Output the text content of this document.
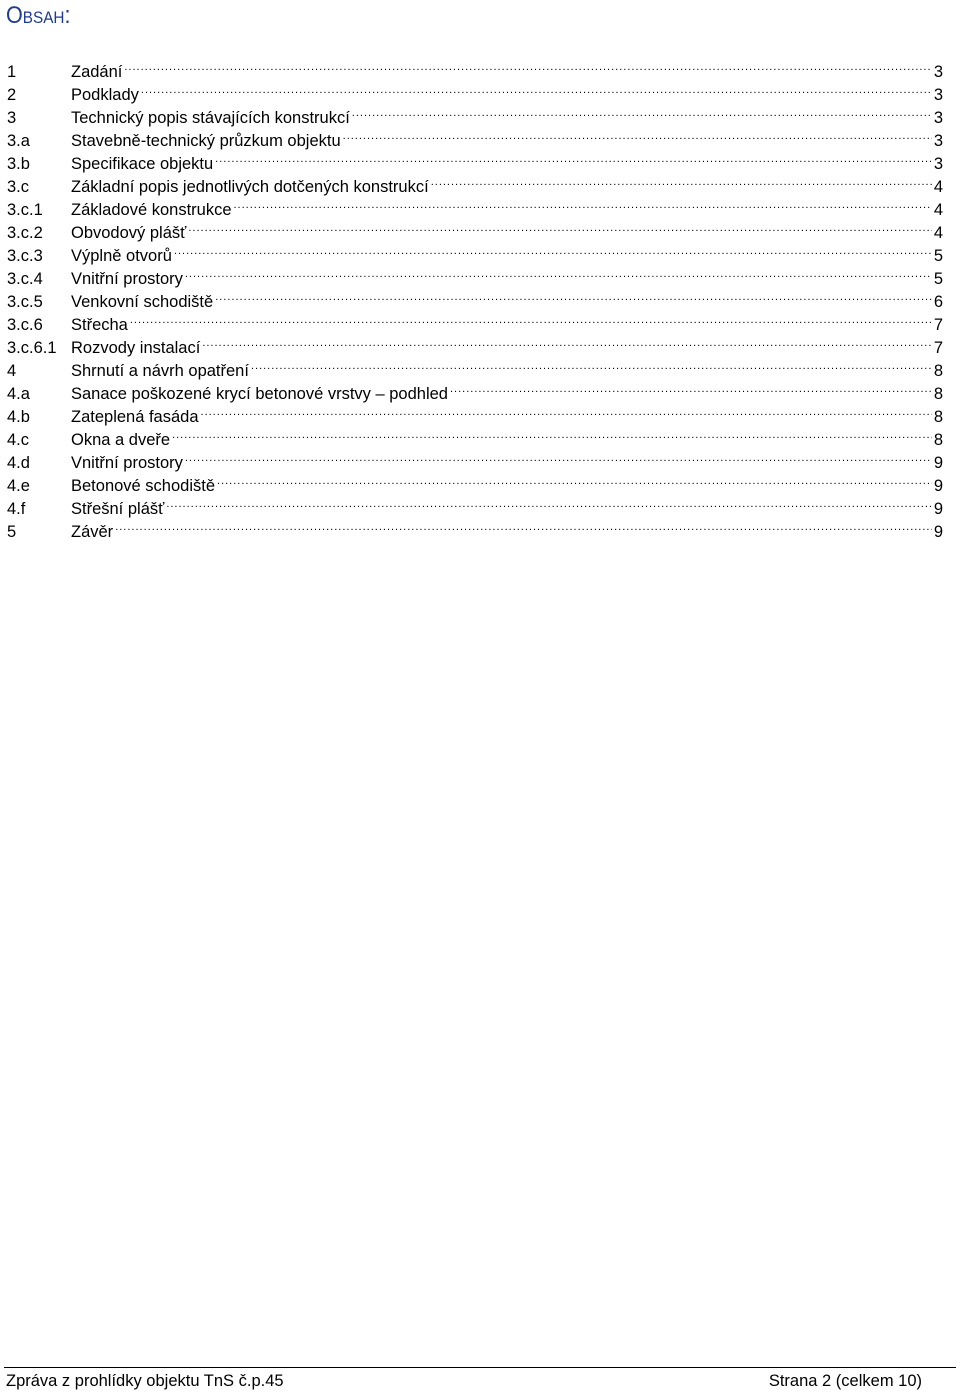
Obsah:
1	Zadání .....	3
2	Podklady .....	3
3	Technický popis stávajících konstrukcí .....	3
3.a	Stavebně-technický průzkum objektu .....	3
3.b	Specifikace objektu .....	3
3.c	Základní popis jednotlivých dotčených konstrukcí .....	4
3.c.1	Základové konstrukce .....	4
3.c.2	Obvodový plášť .....	4
3.c.3	Výplně otvorů .....	5
3.c.4	Vnitřní prostory .....	5
3.c.5	Venkovní schodiště .....	6
3.c.6	Střecha .....	7
3.c.6.1 Rozvody instalací .....	7
4	Shrnutí a návrh opatření .....	8
4.a	Sanace poškozené krycí betonové vrstvy – podhled .....	8
4.b	Zateplená fasáda .....	8
4.c	Okna a dveře .....	8
4.d	Vnitřní prostory .....	9
4.e	Betonové schodiště .....	9
4.f	Střešní plášť .....	9
5	Závěr .....	9
Zpráva z prohlídky objektu TnS č.p.45	Strana 2 (celkem 10)
